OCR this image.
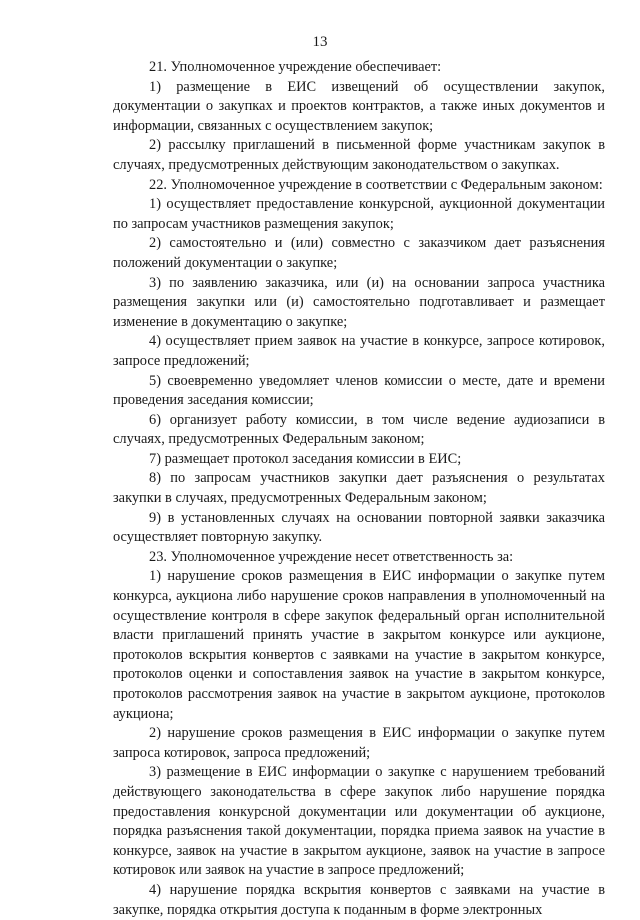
13

21. Уполномоченное учреждение обеспечивает:

1) размещение в ЕИС извещений об осуществлении закупок, документации о закупках и проектов контрактов, а также иных документов и информации, связанных с осуществлением закупок;

2) рассылку приглашений в письменной форме участникам закупок в случаях, предусмотренных действующим законодательством о закупках.

22. Уполномоченное учреждение в соответствии с Федеральным законом:

1) осуществляет предоставление конкурсной, аукционной документации по запросам участников размещения закупок;

2) самостоятельно и (или) совместно с заказчиком дает разъяснения положений документации о закупке;

3) по заявлению заказчика, или (и) на основании запроса участника размещения закупки или (и) самостоятельно подготавливает и размещает изменение в документацию о закупке;

4) осуществляет прием заявок на участие в конкурсе, запросе котировок, запросе предложений;

5) своевременно уведомляет членов комиссии о месте, дате и времени проведения заседания комиссии;

6) организует работу комиссии, в том числе ведение аудиозаписи в случаях, предусмотренных Федеральным законом;

7) размещает протокол заседания комиссии в ЕИС;

8) по запросам участников закупки дает разъяснения о результатах закупки в случаях, предусмотренных Федеральным законом;

9) в установленных случаях на основании повторной заявки заказчика осуществляет повторную закупку.

23. Уполномоченное учреждение несет ответственность за:

1) нарушение сроков размещения в ЕИС информации о закупке путем конкурса, аукциона либо нарушение сроков направления в уполномоченный на осуществление контроля в сфере закупок федеральный орган исполнительной власти приглашений принять участие в закрытом конкурсе или аукционе, протоколов вскрытия конвертов с заявками на участие в закрытом конкурсе, протоколов оценки и сопоставления заявок на участие в закрытом конкурсе, протоколов рассмотрения заявок на участие в закрытом аукционе, протоколов аукциона;

2) нарушение сроков размещения в ЕИС информации о закупке путем запроса котировок, запроса предложений;

3) размещение в ЕИС информации о закупке с нарушением требований действующего законодательства в сфере закупок либо нарушение порядка предоставления конкурсной документации или документации об аукционе, порядка разъяснения такой документации, порядка приема заявок на участие в конкурсе, заявок на участие в закрытом аукционе, заявок на участие в запросе котировок или заявок на участие в запросе предложений;

4) нарушение порядка вскрытия конвертов с заявками на участие в закупке, порядка открытия доступа к поданным в форме электронных
